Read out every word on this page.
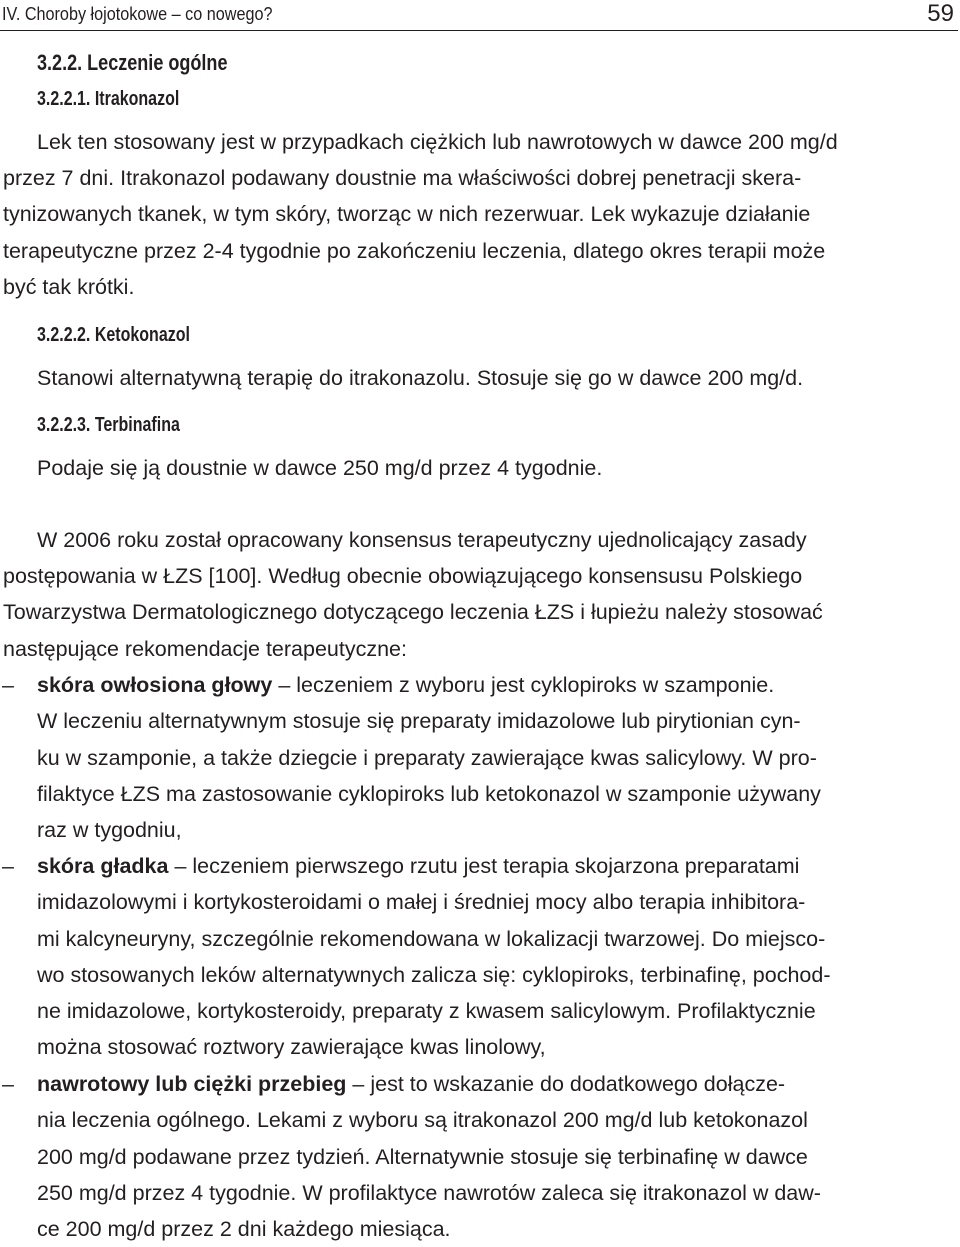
IV. Choroby łojotokowe – co nowego?	59
3.2.2. Leczenie ogólne
3.2.2.1. Itrakonazol
Lek ten stosowany jest w przypadkach ciężkich lub nawrotowych w dawce 200 mg/d
przez 7 dni. Itrakonazol podawany doustnie ma właściwości dobrej penetracji skera-
tynizowanych tkanek, w tym skóry, tworząc w nich rezerwuar. Lek wykazuje działanie
terapeutyczne przez 2-4 tygodnie po zakończeniu leczenia, dlatego okres terapii może
być tak krótki.
3.2.2.2. Ketokonazol
Stanowi alternatywną terapię do itrakonazolu. Stosuje się go w dawce 200 mg/d.
3.2.2.3. Terbinafina
Podaje się ją doustnie w dawce 250 mg/d przez 4 tygodnie.
W 2006 roku został opracowany konsensus terapeutyczny ujednolicający zasady
postępowania w ŁZS [100]. Według obecnie obowiązującego konsensusu Polskiego
Towarzystwa Dermatologicznego dotyczącego leczenia ŁZS i łupieżu należy stosować
następujące rekomendacje terapeutyczne:
–	skóra owłosiona głowy – leczeniem z wyboru jest cyklopiroks w szamponie.
W leczeniu alternatywnym stosuje się preparaty imidazolowe lub pirytionian cyn-
ku w szamponie, a także dziegcie i preparaty zawierające kwas salicylowy. W pro-
filaktyce ŁZS ma zastosowanie cyklopiroks lub ketokonazol w szamponie używany
raz w tygodniu,
–	skóra gładka – leczeniem pierwszego rzutu jest terapia skojarzona preparatami
imidazolowymi i kortykosteroidami o małej i średniej mocy albo terapia inhibitora-
mi kalcyneuryny, szczególnie rekomendowana w lokalizacji twarzowej. Do miejsco-
wo stosowanych leków alternatywnych zalicza się: cyklopiroks, terbinafinę, pochod-
ne imidazolowe, kortykosteroidy, preparaty z kwasem salicylowym. Profilaktycznie
można stosować roztwory zawierające kwas linolowy,
–	nawrotowy lub ciężki przebieg – jest to wskazanie do dodatkowego dołącze-
nia leczenia ogólnego. Lekami z wyboru są itrakonazol 200 mg/d lub ketokonazol
200 mg/d podawane przez tydzień. Alternatywnie stosuje się terbinafinę w dawce
250 mg/d przez 4 tygodnie. W profilaktyce nawrotów zaleca się itrakonazol w daw-
ce 200 mg/d przez 2 dni każdego miesiąca.
